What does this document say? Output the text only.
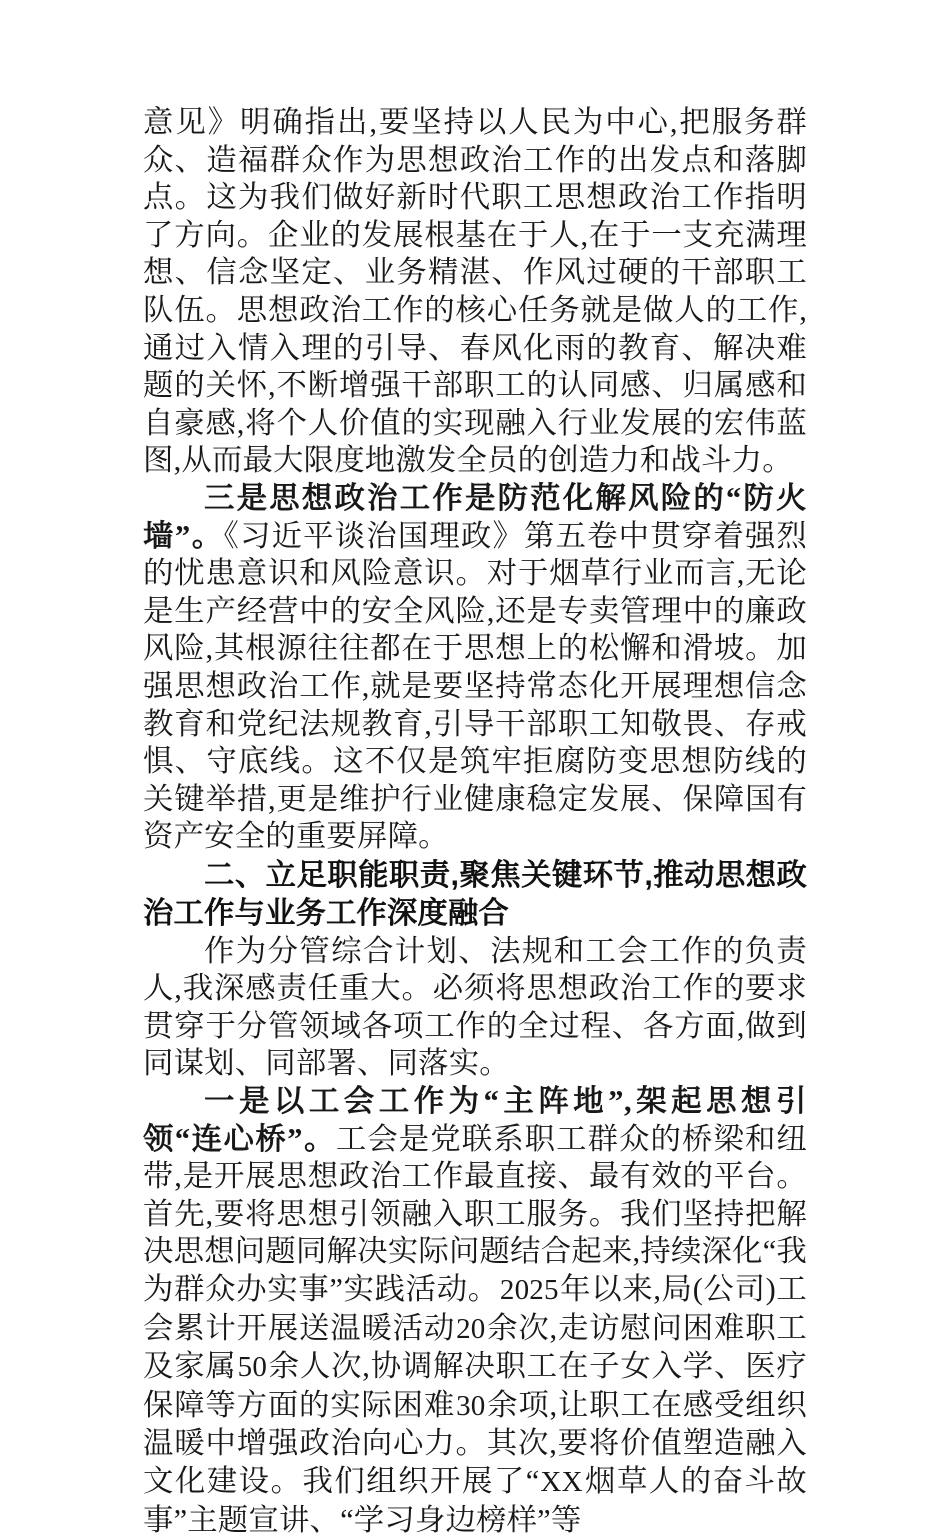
意见》明确指出,要坚持以人民为中心,把服务群众、造福群众作为思想政治工作的出发点和落脚点。这为我们做好新时代职工思想政治工作指明了方向。企业的发展根基在于人,在于一支充满理想、信念坚定、业务精湛、作风过硬的干部职工队伍。思想政治工作的核心任务就是做人的工作,通过入情入理的引导、春风化雨的教育、解决难题的关怀,不断增强干部职工的认同感、归属感和自豪感,将个人价值的实现融入行业发展的宏伟蓝图,从而最大限度地激发全员的创造力和战斗力。

三是思想政治工作是防范化解风险的“防火墙”。《习近平谈治国理政》第五卷中贯穿着强烈的忧患意识和风险意识。对于烟草行业而言,无论是生产经营中的安全风险,还是专卖管理中的廉政风险,其根源往往都在于思想上的松懈和滑坡。加强思想政治工作,就是要坚持常态化开展理想信念教育和党纪法规教育,引导干部职工知敬畏、存戒惧、守底线。这不仅是筑牢拒腐防变思想防线的关键举措,更是维护行业健康稳定发展、保障国有资产安全的重要屏障。

二、立足职能职责,聚焦关键环节,推动思想政治工作与业务工作深度融合

作为分管综合计划、法规和工会工作的负责人,我深感责任重大。必须将思想政治工作的要求贯穿于分管领域各项工作的全过程、各方面,做到同谋划、同部署、同落实。

一是以工会工作为“主阵地”,架起思想引领“连心桥”。工会是党联系职工群众的桥梁和纽带,是开展思想政治工作最直接、最有效的平台。首先,要将思想引领融入职工服务。我们坚持把解决思想问题同解决实际问题结合起来,持续深化“我为群众办实事”实践活动。2025年以来,局(公司)工会累计开展送温暖活动20余次,走访慰问困难职工及家属50余人次,协调解决职工在子女入学、医疗保障等方面的实际困难30余项,让职工在感受组织温暖中增强政治向心力。其次,要将价值塑造融入文化建设。我们组织开展了“XX烟草人的奋斗故事”主题宣讲、“学习身边榜样”等
